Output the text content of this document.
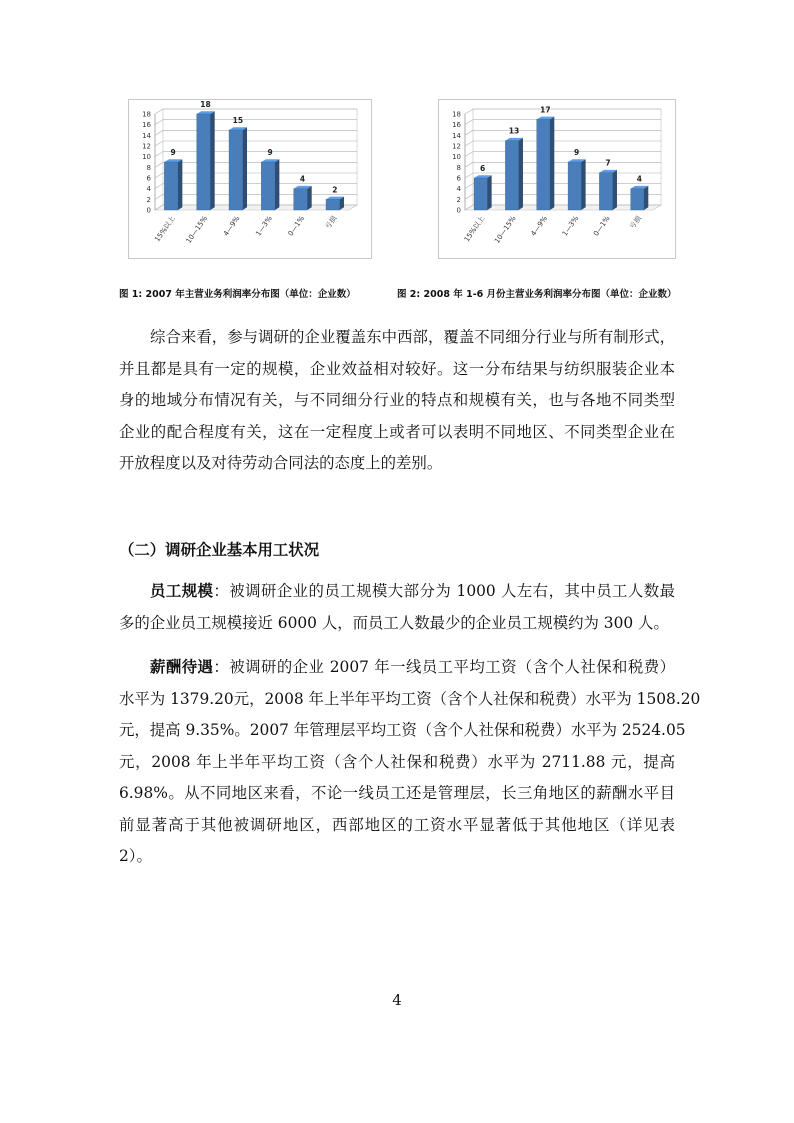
0
2
4
6
8
10
12
14
16
18
9
18
15
9
4
2
15%以上 10—15% 4—9% 1—3% 0—1%	亏损
0
2
4
6
8
10
12
14
16
18
6
13
17
9
7
4
15%以上 10—15% 4—9% 1—3% 0—1% 亏损
图 1: 2007 年主营业务利润率分布图（单位：企业数）	图 2: 2008 年 1-6 月份主营业务利润率分布图（单位：企业数）
综合来看，参与调研的企业覆盖东中西部，覆盖不同细分行业与所有制形式，
并且都是具有一定的规模，企业效益相对较好。这一分布结果与纺织服装企业本
身的地域分布情况有关，与不同细分行业的特点和规模有关，也与各地不同类型
企业的配合程度有关，这在一定程度上或者可以表明不同地区、不同类型企业在
开放程度以及对待劳动合同法的态度上的差别。
（二）调研企业基本用工状况
员工规模：被调研企业的员工规模大部分为 1000 人左右，其中员工人数最
多的企业员工规模接近 6000 人，而员工人数最少的企业员工规模约为 300 人。
薪酬待遇：被调研的企业 2007 年一线员工平均工资（含个人社保和税费）
水平为 1379.20元，2008 年上半年平均工资（含个人社保和税费）水平为 1508.20
元，提高 9.35%。2007 年管理层平均工资（含个人社保和税费）水平为 2524.05
元，2008 年上半年平均工资（含个人社保和税费）水平为 2711.88 元，提高
6.98%。从不同地区来看，不论一线员工还是管理层，长三角地区的薪酬水平目
前显著高于其他被调研地区，西部地区的工资水平显著低于其他地区（详见表
2）。
4
